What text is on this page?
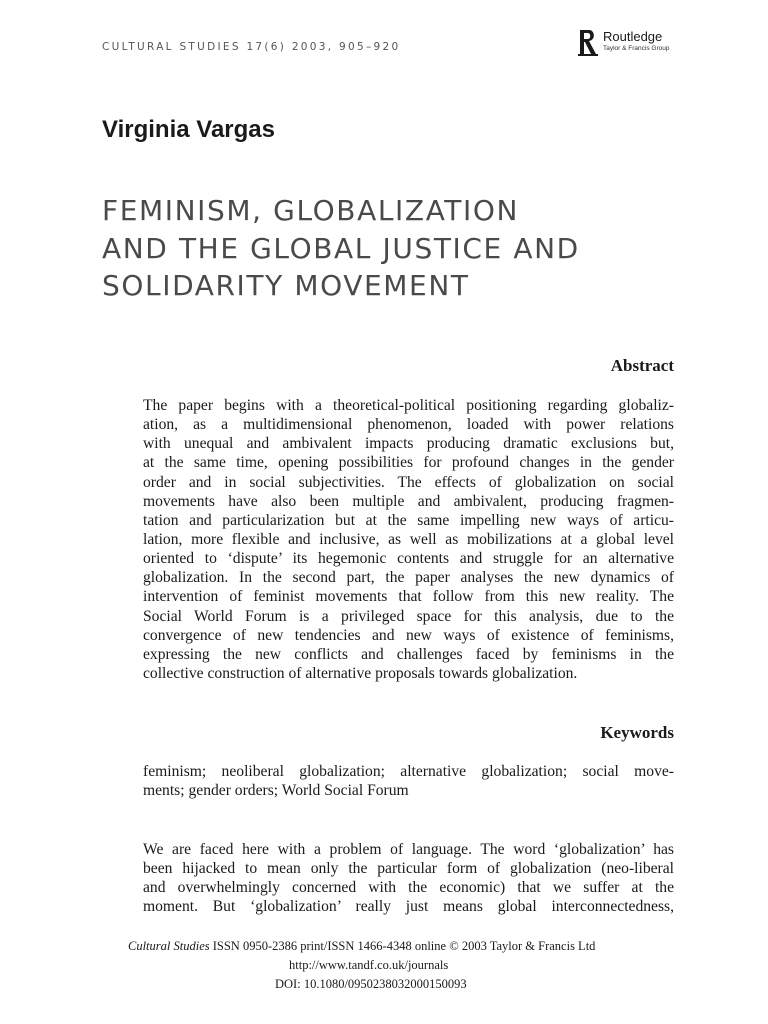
CULTURAL STUDIES 17(6) 2003, 905–920
Routledge
Taylor & Francis Group
Virginia Vargas
FEMINISM, GLOBALIZATION
AND THE GLOBAL JUSTICE AND
SOLIDARITY MOVEMENT
Abstract
The paper begins with a theoretical-political positioning regarding globaliz-
ation, as a multidimensional phenomenon, loaded with power relations
with unequal and ambivalent impacts producing dramatic exclusions but,
at the same time, opening possibilities for profound changes in the gender
order and in social subjectivities. The effects of globalization on social
movements have also been multiple and ambivalent, producing fragmen-
tation and particularization but at the same impelling new ways of articu-
lation, more flexible and inclusive, as well as mobilizations at a global level
oriented to ‘dispute’ its hegemonic contents and struggle for an alternative
globalization. In the second part, the paper analyses the new dynamics of
intervention of feminist movements that follow from this new reality. The
Social World Forum is a privileged space for this analysis, due to the
convergence of new tendencies and new ways of existence of feminisms,
expressing the new conflicts and challenges faced by feminisms in the
collective construction of alternative proposals towards globalization.
Keywords
feminism; neoliberal globalization; alternative globalization; social move-
ments; gender orders; World Social Forum
We are faced here with a problem of language. The word ‘globalization’ has
been hijacked to mean only the particular form of globalization (neo-liberal
and overwhelmingly concerned with the economic) that we suffer at the
moment. But ‘globalization’ really just means global interconnectedness,
Cultural Studies ISSN 0950-2386 print/ISSN 1466-4348 online © 2003 Taylor & Francis Ltd
http://www.tandf.co.uk/journals
DOI: 10.1080/0950238032000150093
